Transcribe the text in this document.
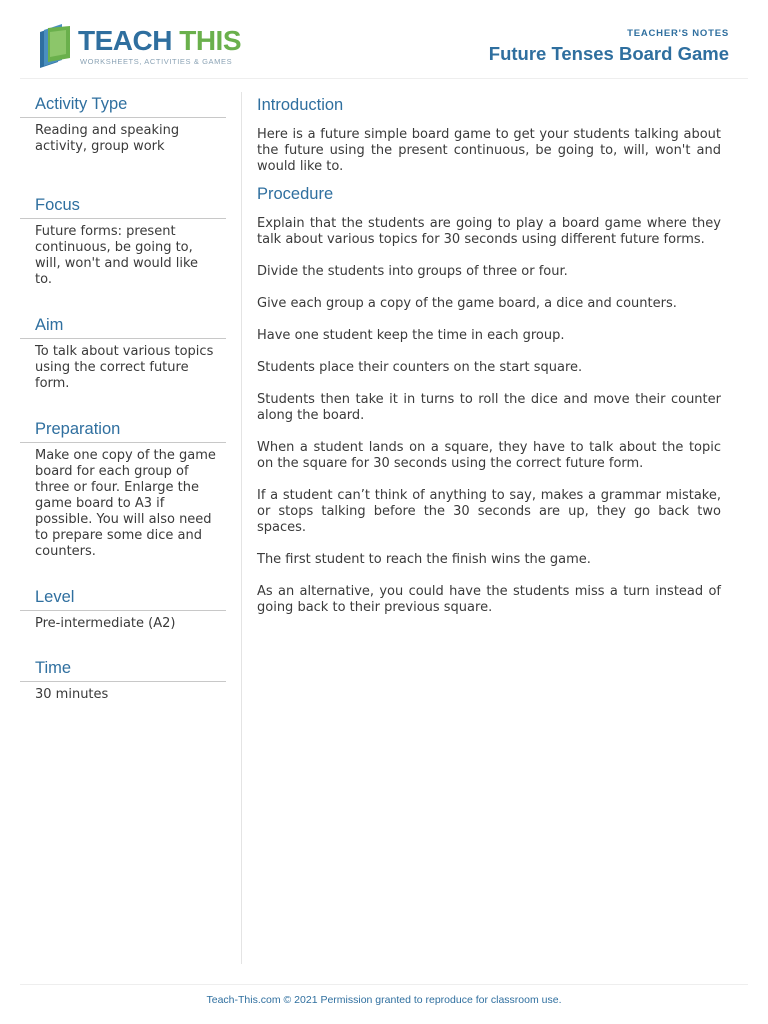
TEACH THIS
WORKSHEETS, ACTIVITIES & GAMES
TEACHER'S NOTES
Future Tenses Board Game
Activity Type
Reading and speaking activity, group work
Focus
Future forms: present continuous, be going to, will, won't and would like to.
Aim
To talk about various topics using the correct future form.
Preparation
Make one copy of the game board for each group of three or four. Enlarge the game board to A3 if possible. You will also need to prepare some dice and counters.
Level
Pre-intermediate (A2)
Time
30 minutes
Introduction

Here is a future simple board game to get your students talking about the future using the present continuous, be going to, will, won't and would like to.

Procedure

Explain that the students are going to play a board game where they talk about various topics for 30 seconds using different future forms.

Divide the students into groups of three or four.

Give each group a copy of the game board, a dice and counters.

Have one student keep the time in each group.

Students place their counters on the start square.

Students then take it in turns to roll the dice and move their counter along the board.

When a student lands on a square, they have to talk about the topic on the square for 30 seconds using the correct future form.

If a student can’t think of anything to say, makes a grammar mistake, or stops talking before the 30 seconds are up, they go back two spaces.

The first student to reach the finish wins the game.

As an alternative, you could have the students miss a turn instead of going back to their previous square.

Teach-This.com © 2021 Permission granted to reproduce for classroom use.
